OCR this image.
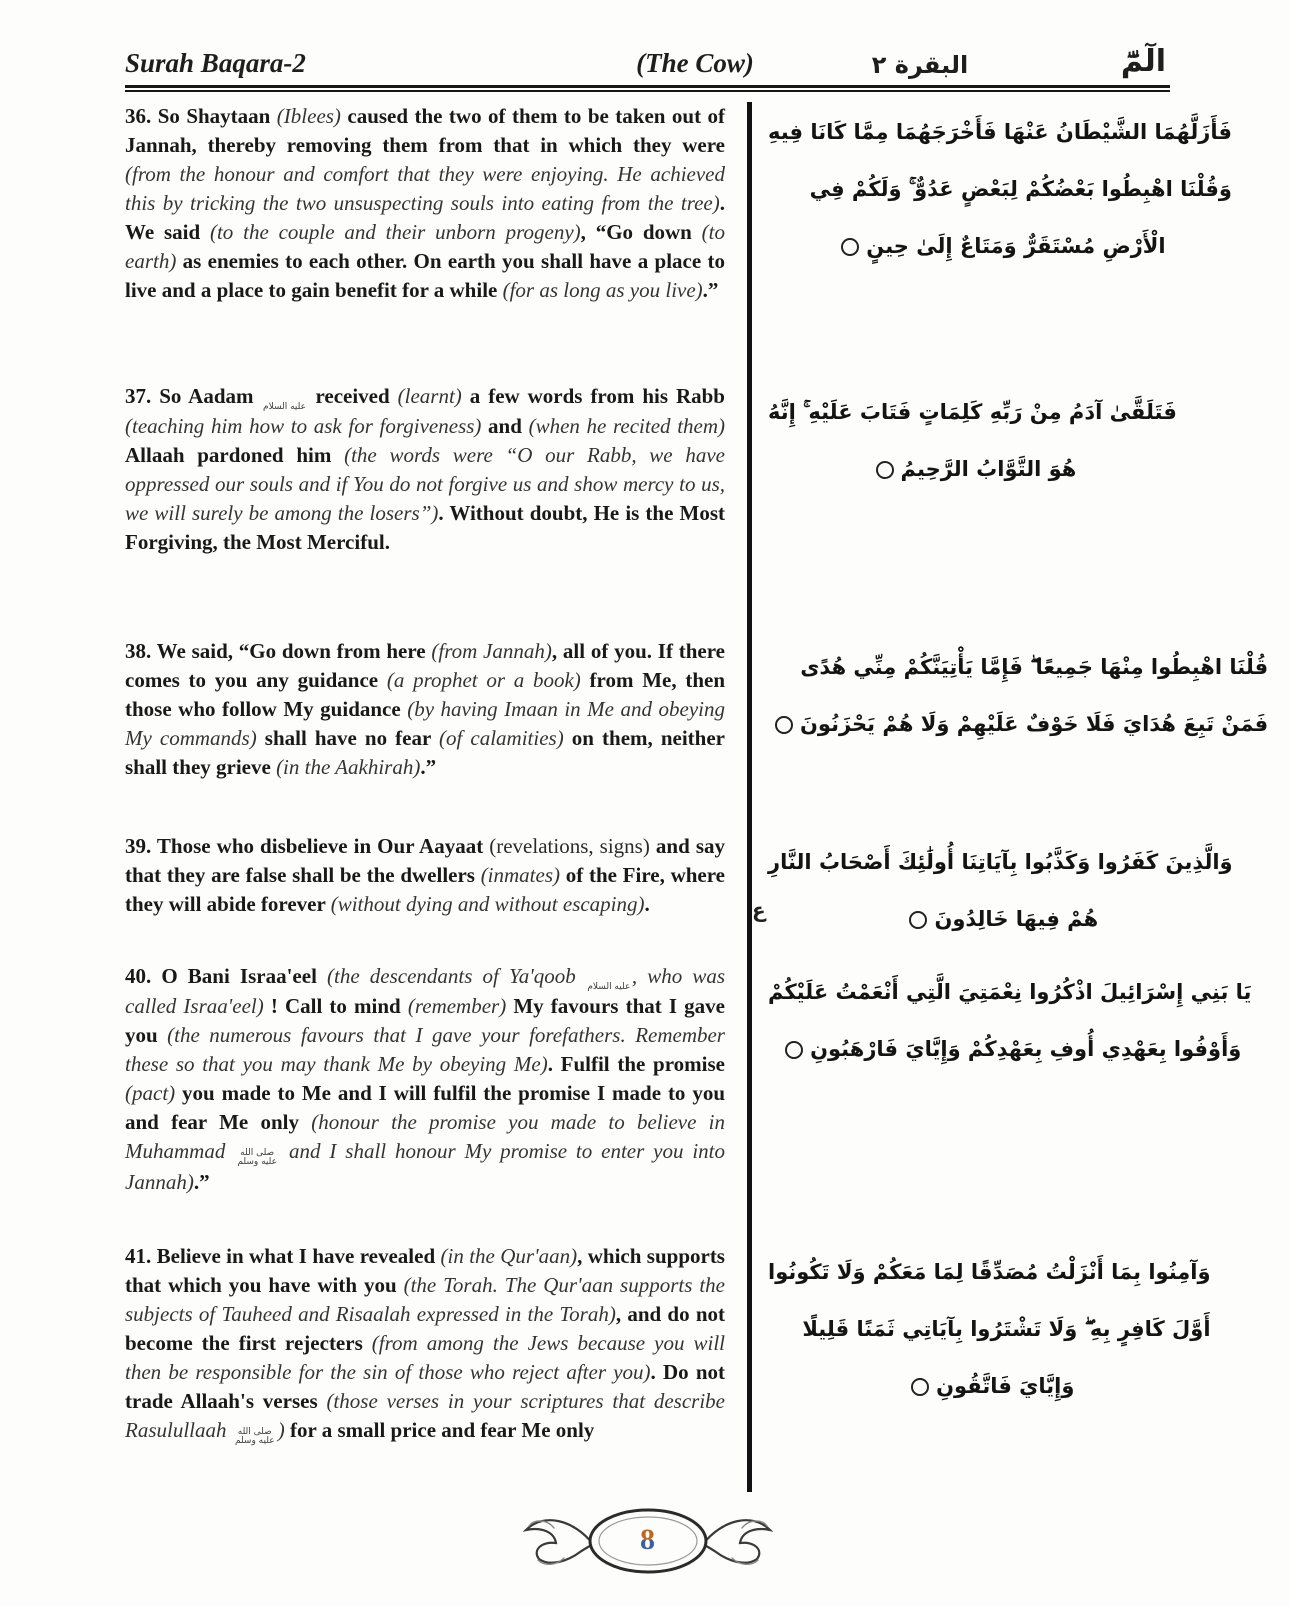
Surah Baqara-2	(The Cow)	البقرة ٢	الٓمّٓ

36. So Shaytaan (Iblees) caused the two of them to be taken out of Jannah, thereby removing them from that in which they were (from the honour and comfort that they were enjoying. He achieved this by tricking the two unsuspecting souls into eating from the tree). We said (to the couple and their unborn progeny), “Go down (to earth) as enemies to each other. On earth you shall have a place to live and a place to gain benefit for a while (for as long as you live).”

فَأَزَلَّهُمَا الشَّيْطَانُ عَنْهَا فَأَخْرَجَهُمَا مِمَّا كَانَا فِيهِ
وَقُلْنَا اهْبِطُوا بَعْضُكُمْ لِبَعْضٍ عَدُوٌّ ۚ وَلَكُمْ فِي
الْأَرْضِ مُسْتَقَرٌّ وَمَتَاعٌ إِلَىٰ حِينٍ

37. So Aadam عليه السلام received (learnt) a few words from his Rabb (teaching him how to ask for forgiveness) and (when he recited them) Allaah pardoned him (the words were “O our Rabb, we have oppressed our souls and if You do not forgive us and show mercy to us, we will surely be among the losers”). Without doubt, He is the Most Forgiving, the Most Merciful.

فَتَلَقَّىٰ آدَمُ مِنْ رَبِّهِ كَلِمَاتٍ فَتَابَ عَلَيْهِ ۚ إِنَّهُ
هُوَ التَّوَّابُ الرَّحِيمُ

38. We said, “Go down from here (from Jannah), all of you. If there comes to you any guidance (a prophet or a book) from Me, then those who follow My guidance (by having Imaan in Me and obeying My commands) shall have no fear (of calamities) on them, neither shall they grieve (in the Aakhirah).”

قُلْنَا اهْبِطُوا مِنْهَا جَمِيعًا ۖ فَإِمَّا يَأْتِيَنَّكُمْ مِنِّي هُدًى
فَمَنْ تَبِعَ هُدَايَ فَلَا خَوْفٌ عَلَيْهِمْ وَلَا هُمْ يَحْزَنُونَ

39. Those who disbelieve in Our Aayaat (revelations, signs) and say that they are false shall be the dwellers (inmates) of the Fire, where they will abide forever (without dying and without escaping).

وَالَّذِينَ كَفَرُوا وَكَذَّبُوا بِآيَاتِنَا أُولَٰئِكَ أَصْحَابُ النَّارِ
هُمْ فِيهَا خَالِدُونَ
ع

40. O Bani Israa'eel (the descendants of Ya'qoob عليه السلام, who was called Israa'eel) ! Call to mind (remember) My favours that I gave you (the numerous favours that I gave your forefathers. Remember these so that you may thank Me by obeying Me). Fulfil the promise (pact) you made to Me and I will fulfil the promise I made to you and fear Me only (honour the promise you made to believe in Muhammad صلى الله عليه وسلم and I shall honour My promise to enter you into Jannah).”

يَا بَنِي إِسْرَائِيلَ اذْكُرُوا نِعْمَتِيَ الَّتِي أَنْعَمْتُ عَلَيْكُمْ
وَأَوْفُوا بِعَهْدِي أُوفِ بِعَهْدِكُمْ وَإِيَّايَ فَارْهَبُونِ

41. Believe in what I have revealed (in the Qur'aan), which supports that which you have with you (the Torah. The Qur'aan supports the subjects of Tauheed and Risaalah expressed in the Torah), and do not become the first rejecters (from among the Jews because you will then be responsible for the sin of those who reject after you). Do not trade Allaah's verses (those verses in your scriptures that describe Rasulullaah صلى الله عليه وسلم ) for a small price and fear Me only

وَآمِنُوا بِمَا أَنْزَلْتُ مُصَدِّقًا لِمَا مَعَكُمْ وَلَا تَكُونُوا
أَوَّلَ كَافِرٍ بِهِ ۖ وَلَا تَشْتَرُوا بِآيَاتِي ثَمَنًا قَلِيلًا
وَإِيَّايَ فَاتَّقُونِ
8
